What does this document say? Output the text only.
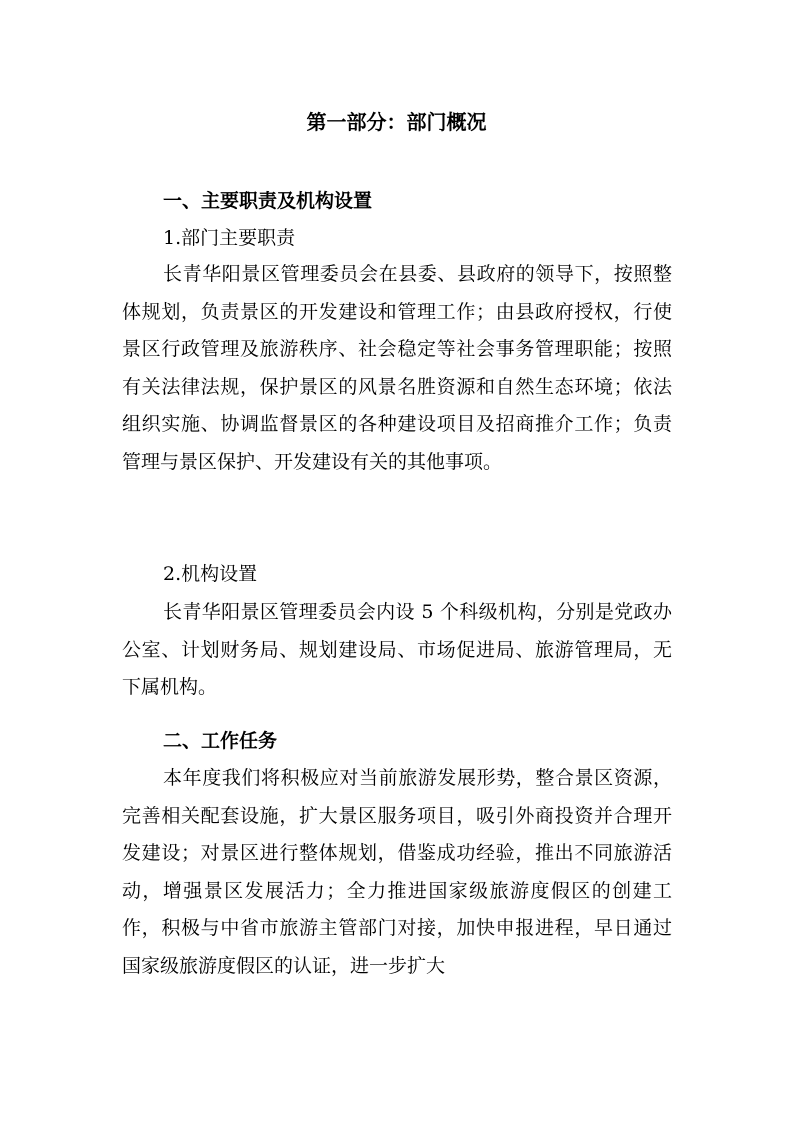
第一部分：部门概况
一、主要职责及机构设置
1.部门主要职责

长青华阳景区管理委员会在县委、县政府的领导下，按照整体规划，负责景区的开发建设和管理工作；由县政府授权，行使景区行政管理及旅游秩序、社会稳定等社会事务管理职能；按照有关法律法规，保护景区的风景名胜资源和自然生态环境；依法组织实施、协调监督景区的各种建设项目及招商推介工作；负责管理与景区保护、开发建设有关的其他事项。

2.机构设置

长青华阳景区管理委员会内设 5 个科级机构，分别是党政办公室、计划财务局、规划建设局、市场促进局、旅游管理局，无下属机构。

二、工作任务

本年度我们将积极应对当前旅游发展形势，整合景区资源，完善相关配套设施，扩大景区服务项目，吸引外商投资并合理开发建设；对景区进行整体规划，借鉴成功经验，推出不同旅游活动，增强景区发展活力；全力推进国家级旅游度假区的创建工作，积极与中省市旅游主管部门对接，加快申报进程，早日通过国家级旅游度假区的认证，进一步扩大
